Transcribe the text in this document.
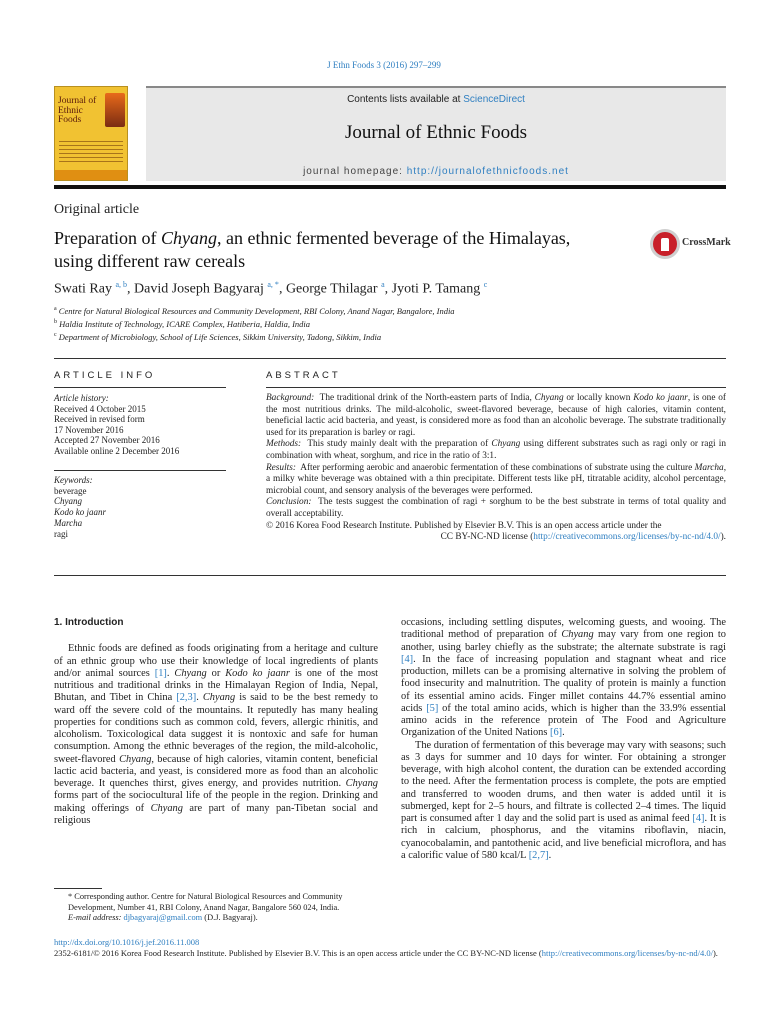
J Ethn Foods 3 (2016) 297‒299
Journal of Ethnic Foods
Contents lists available at ScienceDirect
Journal of Ethnic Foods
journal homepage: http://journalofethnicfoods.net
Original article
Preparation of Chyang, an ethnic fermented beverage of the Himalayas, using different raw cereals
CrossMark
Swati Ray $^{a, b}$, David Joseph Bagyaraj $^{a, *}$, George Thilagar $^a$, Jyoti P. Tamang $^c$
$^a$ Centre for Natural Biological Resources and Community Development, RBI Colony, Anand Nagar, Bangalore, India
$^b$ Haldia Institute of Technology, ICARE Complex, Hatiberia, Haldia, India
$^c$ Department of Microbiology, School of Life Sciences, Sikkim University, Tadong, Sikkim, India
ARTICLE INFO	ABSTRACT
Article history:
Received 4 October 2015
Received in revised form
17 November 2016
Accepted 27 November 2016
Available online 2 December 2016
Keywords:
beverage
Chyang
Kodo ko jaanr
Marcha
ragi
Background: The traditional drink of the North-eastern parts of India, Chyang or locally known Kodo ko jaanr, is one of the most nutritious drinks. The mild-alcoholic, sweet-flavored beverage, because of high calories, vitamin content, beneficial lactic acid bacteria, and yeast, is considered more as food than an alcoholic beverage. The substrate traditionally used for its preparation is barley or ragi.
Methods: This study mainly dealt with the preparation of Chyang using different substrates such as ragi only or ragi in combination with wheat, sorghum, and rice in the ratio of 3:1.
Results: After performing aerobic and anaerobic fermentation of these combinations of substrate using the culture Marcha, a milky white beverage was obtained with a thin precipitate. Different tests like pH, titratable acidity, alcohol percentage, microbial count, and sensory analysis of the beverages were performed.
Conclusion: The tests suggest the combination of ragi + sorghum to be the best substrate in terms of total quality and overall acceptability.
© 2016 Korea Food Research Institute. Published by Elsevier B.V. This is an open access article under the
CC BY-NC-ND license (http://creativecommons.org/licenses/by-nc-nd/4.0/).
1. Introduction

Ethnic foods are defined as foods originating from a heritage and culture of an ethnic group who use their knowledge of local ingredients of plants and/or animal sources [1]. Chyang or Kodo ko jaanr is one of the most nutritious and traditional drinks in the Himalayan Region of India, Nepal, Bhutan, and Tibet in China [2,3]. Chyang is said to be the best remedy to ward off the severe cold of the mountains. It reputedly has many healing properties for conditions such as common cold, fevers, allergic rhinitis, and alcoholism. Toxicological data suggest it is nontoxic and safe for human consumption. Among the ethnic beverages of the region, the mild-alcoholic, sweet-flavored Chyang, because of high calories, vitamin content, beneficial lactic acid bacteria, and yeast, is considered more as food than an alcoholic beverage. It quenches thirst, gives energy, and provides nutrition. Chyang forms part of the sociocultural life of the people in the region. Drinking and making offerings of Chyang are part of many pan-Tibetan social and religious

occasions, including settling disputes, welcoming guests, and wooing. The traditional method of preparation of Chyang may vary from one region to another, using barley chiefly as the substrate; the alternate substrate is ragi [4]. In the face of increasing population and stagnant wheat and rice production, millets can be a promising alternative in solving the problem of food insecurity and malnutrition. The quality of protein is mainly a function of its essential amino acids. Finger millet contains 44.7% essential amino acids [5] of the total amino acids, which is higher than the 33.9% essential amino acids in the reference protein of The Food and Agriculture Organization of the United Nations [6].

The duration of fermentation of this beverage may vary with seasons; such as 3 days for summer and 10 days for winter. For obtaining a stronger beverage, with high alcohol content, the duration can be extended according to the need. After the fermentation process is complete, the pots are emptied and transferred to wooden drums, and then water is added until it is submerged, kept for 2‒5 hours, and filtrate is collected 2‒4 times. The liquid part is consumed after 1 day and the solid part is used as animal feed [4]. It is rich in calcium, phosphorus, and the vitamins riboflavin, niacin, cyanocobalamin, and pantothenic acid, and live beneficial microflora, and has a calorific value of 580 kcal/L [2,7].

* Corresponding author. Centre for Natural Biological Resources and Community Development, Number 41, RBI Colony, Anand Nagar, Bangalore 560 024, India.
E-mail address: djbagyaraj@gmail.com (D.J. Bagyaraj).
http://dx.doi.org/10.1016/j.jef.2016.11.008
2352-6181/© 2016 Korea Food Research Institute. Published by Elsevier B.V. This is an open access article under the CC BY-NC-ND license (http://creativecommons.org/licenses/by-nc-nd/4.0/).
